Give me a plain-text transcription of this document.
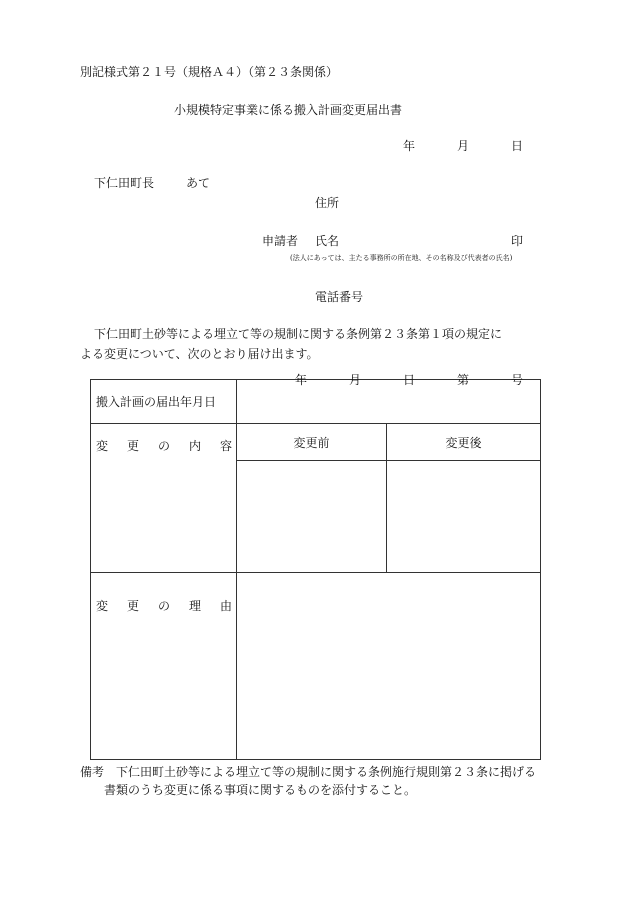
別記様式第２１号（規格Ａ４）（第２３条関係）
小規模特定事業に係る搬入計画変更届出書
年	月	日
下仁田町長	あて
住所
申請者 氏名	印
(法人にあっては、主たる事務所の所在地、その名称及び代表者の氏名)
電話番号
下仁田町土砂等による埋立て等の規制に関する条例第２３条第１項の規定に
よる変更について、次のとおり届け出ます。
搬入計画の届出年月日	年 月 日 第 号	

変 更 の 内 容	変更前	変更後

変 更 の 理 由		

備考 下仁田町土砂等による埋立て等の規制に関する条例施行規則第２３条に掲げる
書類のうち変更に係る事項に関するものを添付すること。
